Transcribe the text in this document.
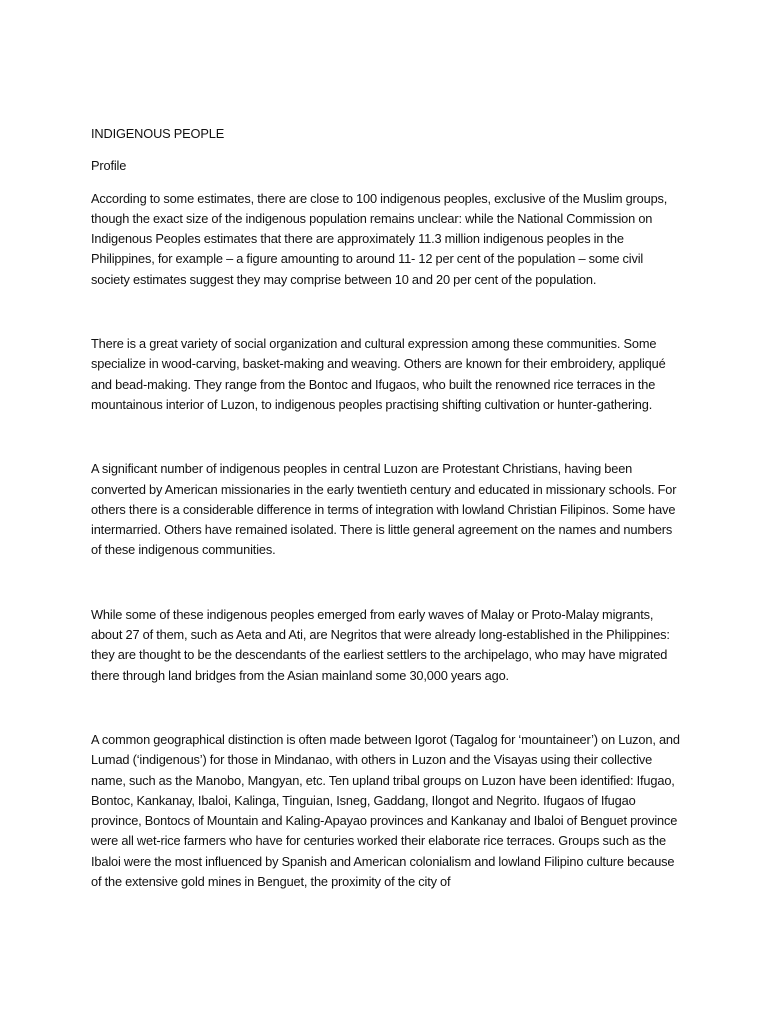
INDIGENOUS PEOPLE
Profile

According to some estimates, there are close to 100 indigenous peoples, exclusive of the Muslim groups, though the exact size of the indigenous population remains unclear: while the National Commission on Indigenous Peoples estimates that there are approximately 11.3 million indigenous peoples in the Philippines, for example – a figure amounting to around 11- 12 per cent of the population – some civil society estimates suggest they may comprise between 10 and 20 per cent of the population.

There is a great variety of social organization and cultural expression among these communities. Some specialize in wood-carving, basket-making and weaving. Others are known for their embroidery, appliqué and bead-making. They range from the Bontoc and Ifugaos, who built the renowned rice terraces in the mountainous interior of Luzon, to indigenous peoples practising shifting cultivation or hunter-gathering.

A significant number of indigenous peoples in central Luzon are Protestant Christians, having been converted by American missionaries in the early twentieth century and educated in missionary schools. For others there is a considerable difference in terms of integration with lowland Christian Filipinos. Some have intermarried. Others have remained isolated. There is little general agreement on the names and numbers of these indigenous communities.

While some of these indigenous peoples emerged from early waves of Malay or Proto-Malay migrants, about 27 of them, such as Aeta and Ati, are Negritos that were already long-established in the Philippines: they are thought to be the descendants of the earliest settlers to the archipelago, who may have migrated there through land bridges from the Asian mainland some 30,000 years ago.

A common geographical distinction is often made between Igorot (Tagalog for ‘mountaineer’) on Luzon, and Lumad (‘indigenous’) for those in Mindanao, with others in Luzon and the Visayas using their collective name, such as the Manobo, Mangyan, etc. Ten upland tribal groups on Luzon have been identified: Ifugao, Bontoc, Kankanay, Ibaloi, Kalinga, Tinguian, Isneg, Gaddang, Ilongot and Negrito. Ifugaos of Ifugao province, Bontocs of Mountain and Kaling-Apayao provinces and Kankanay and Ibaloi of Benguet province were all wet-rice farmers who have for centuries worked their elaborate rice terraces. Groups such as the Ibaloi were the most influenced by Spanish and American colonialism and lowland Filipino culture because of the extensive gold mines in Benguet, the proximity of the city of
